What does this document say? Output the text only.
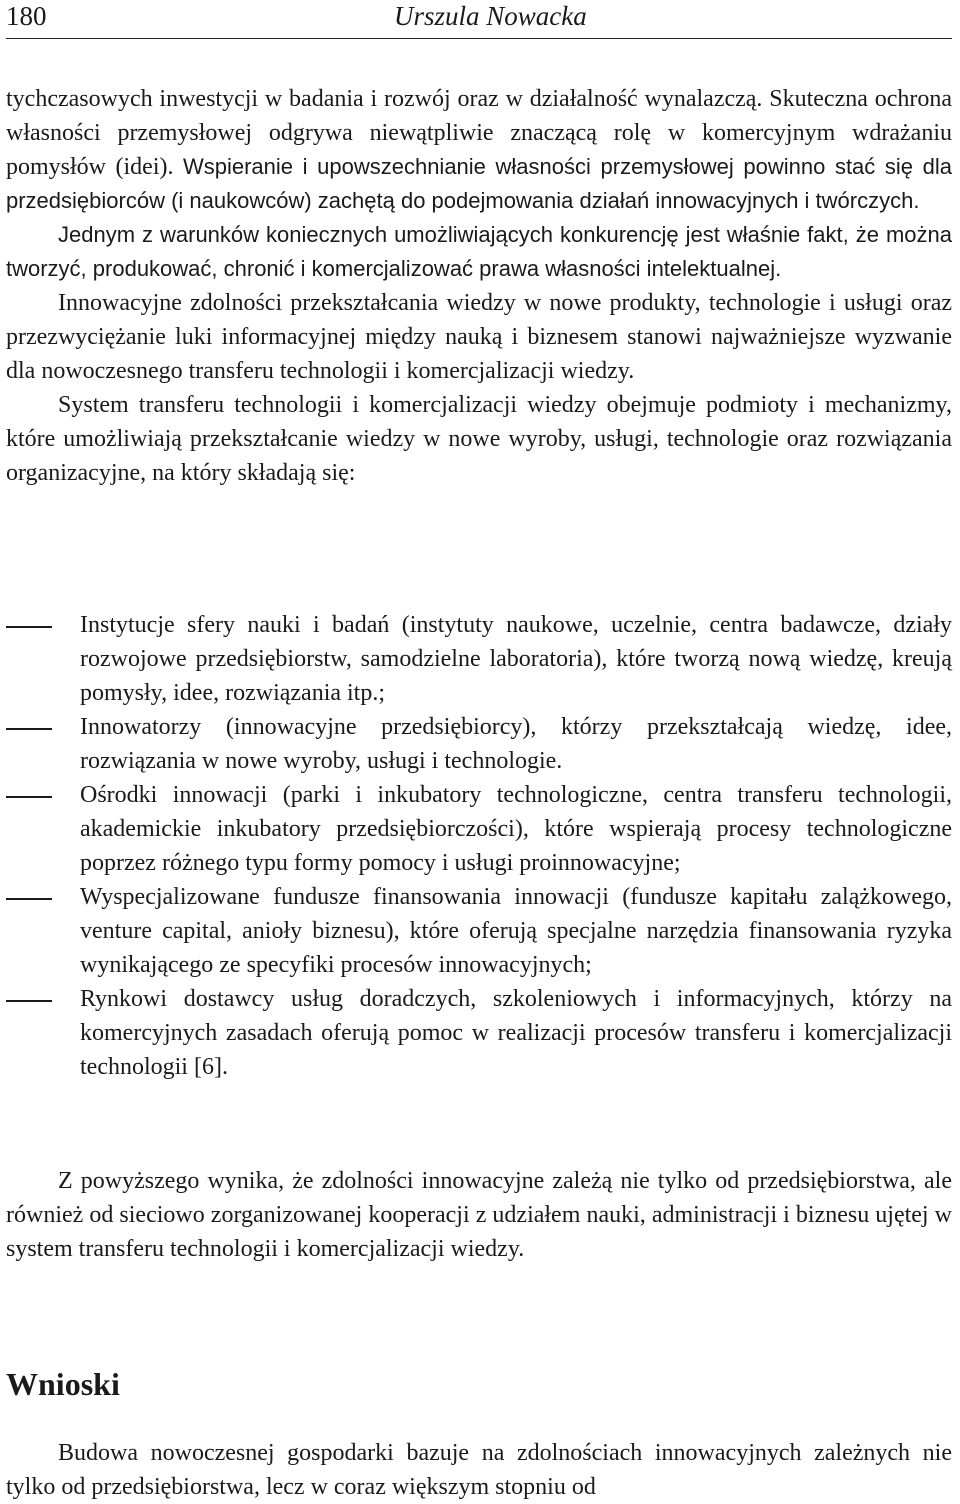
180	Urszula Nowacka

tychczasowych inwestycji w badania i rozwój oraz w działalność wynalazczą. Skuteczna ochrona własności przemysłowej odgrywa niewątpliwie znaczącą rolę w komercyjnym wdrażaniu pomysłów (idei). Wspieranie i upowszechnianie własności przemysłowej powinno stać się dla przedsiębiorców (i naukowców) zachętą do podejmowania działań innowacyjnych i twórczych.

Jednym z warunków koniecznych umożliwiających konkurencję jest właśnie fakt, że można tworzyć, produkować, chronić i komercjalizować prawa własności intelektualnej.

Innowacyjne zdolności przekształcania wiedzy w nowe produkty, technologie i usługi oraz przezwyciężanie luki informacyjnej między nauką i biznesem stanowi najważniejsze wyzwanie dla nowoczesnego transferu technologii i komercjalizacji wiedzy.

System transferu technologii i komercjalizacji wiedzy obejmuje podmioty i mechanizmy, które umożliwiają przekształcanie wiedzy w nowe wyroby, usługi, technologie oraz rozwiązania organizacyjne, na który składają się:

Instytucje sfery nauki i badań (instytuty naukowe, uczelnie, centra badawcze, działy rozwojowe przedsiębiorstw, samodzielne laboratoria), które tworzą nową wiedzę, kreują pomysły, idee, rozwiązania itp.;
Innowatorzy (innowacyjne przedsiębiorcy), którzy przekształcają wiedzę, idee, rozwiązania w nowe wyroby, usługi i technologie.
Ośrodki innowacji (parki i inkubatory technologiczne, centra transferu technologii, akademickie inkubatory przedsiębiorczości), które wspierają procesy technologiczne poprzez różnego typu formy pomocy i usługi proinnowacyjne;
Wyspecjalizowane fundusze finansowania innowacji (fundusze kapitału zalążkowego, venture capital, anioły biznesu), które oferują specjalne narzędzia finansowania ryzyka wynikającego ze specyfiki procesów innowacyjnych;
Rynkowi dostawcy usług doradczych, szkoleniowych i informacyjnych, którzy na komercyjnych zasadach oferują pomoc w realizacji procesów transferu i komercjalizacji technologii [6].

Z powyższego wynika, że zdolności innowacyjne zależą nie tylko od przedsiębiorstwa, ale również od sieciowo zorganizowanej kooperacji z udziałem nauki, administracji i biznesu ujętej w system transferu technologii i komercjalizacji wiedzy.

Wnioski

Budowa nowoczesnej gospodarki bazuje na zdolnościach innowacyjnych zależnych nie tylko od przedsiębiorstwa, lecz w coraz większym stopniu od
